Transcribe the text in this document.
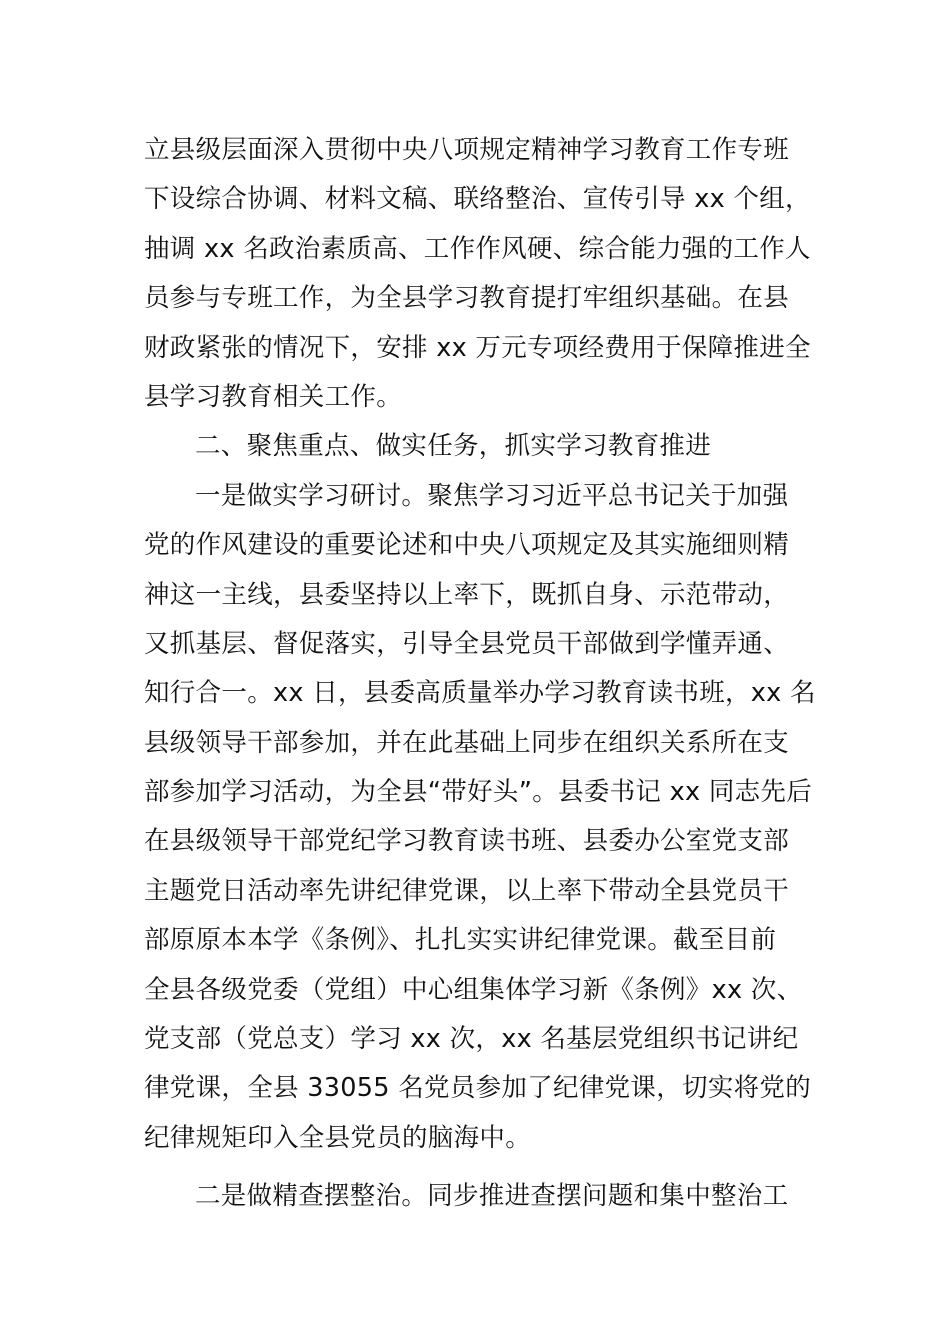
立县级层面深入贯彻中央八项规定精神学习教育工作专班
下设综合协调、材料文稿、联络整治、宣传引导 xx 个组，
抽调 xx 名政治素质高、工作作风硬、综合能力强的工作人
员参与专班工作，为全县学习教育提打牢组织基础。在县
财政紧张的情况下，安排 xx 万元专项经费用于保障推进全
县学习教育相关工作。
二、聚焦重点、做实任务，抓实学习教育推进
一是做实学习研讨。聚焦学习习近平总书记关于加强
党的作风建设的重要论述和中央八项规定及其实施细则精
神这一主线，县委坚持以上率下，既抓自身、示范带动，
又抓基层、督促落实，引导全县党员干部做到学懂弄通、
知行合一。xx 日，县委高质量举办学习教育读书班，xx 名
县级领导干部参加，并在此基础上同步在组织关系所在支
部参加学习活动，为全县“带好头”。县委书记 xx 同志先后
在县级领导干部党纪学习教育读书班、县委办公室党支部
主题党日活动率先讲纪律党课，以上率下带动全县党员干
部原原本本学《条例》、扎扎实实讲纪律党课。截至目前
全县各级党委（党组）中心组集体学习新《条例》xx 次、
党支部（党总支）学习 xx 次，xx 名基层党组织书记讲纪
律党课，全县 33055 名党员参加了纪律党课，切实将党的
纪律规矩印入全县党员的脑海中。
二是做精查摆整治。同步推进查摆问题和集中整治工
